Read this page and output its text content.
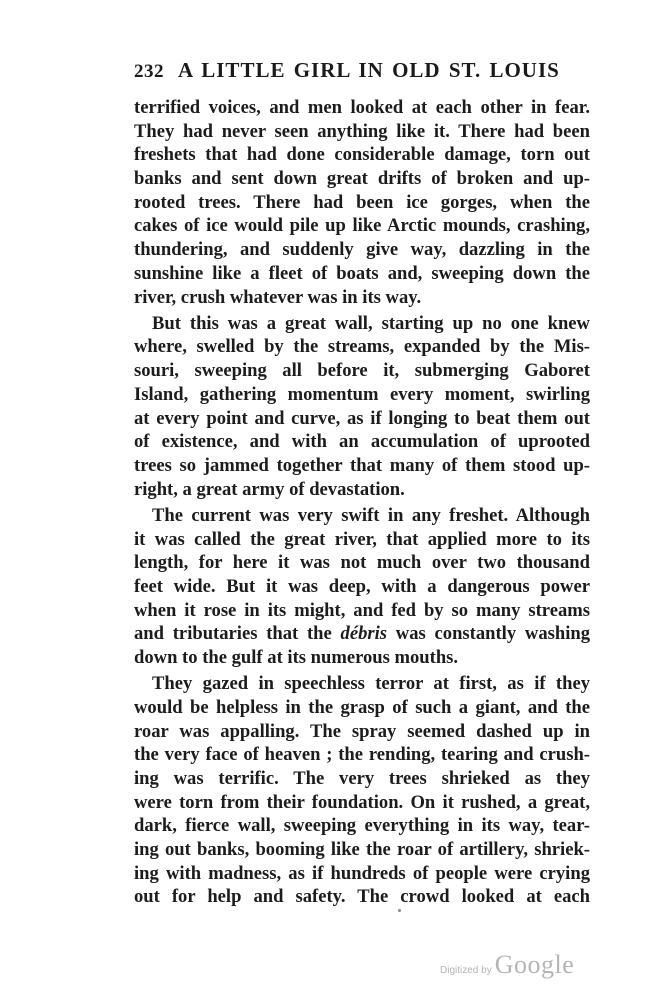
232 A LITTLE GIRL IN OLD ST. LOUIS
terrified voices, and men looked at each other in fear.
They had never seen anything like it. There had been
freshets that had done considerable damage, torn out
banks and sent down great drifts of broken and up-
rooted trees. There had been ice gorges, when the
cakes of ice would pile up like Arctic mounds, crashing,
thundering, and suddenly give way, dazzling in the
sunshine like a fleet of boats and, sweeping down the
river, crush whatever was in its way.
But this was a great wall, starting up no one knew
where, swelled by the streams, expanded by the Mis-
souri, sweeping all before it, submerging Gaboret
Island, gathering momentum every moment, swirling
at every point and curve, as if longing to beat them out
of existence, and with an accumulation of uprooted
trees so jammed together that many of them stood up-
right, a great army of devastation.
The current was very swift in any freshet. Although
it was called the great river, that applied more to its
length, for here it was not much over two thousand
feet wide. But it was deep, with a dangerous power
when it rose in its might, and fed by so many streams
and tributaries that the débris was constantly washing
down to the gulf at its numerous mouths.
They gazed in speechless terror at first, as if they
would be helpless in the grasp of such a giant, and the
roar was appalling. The spray seemed dashed up in
the very face of heaven ; the rending, tearing and crush-
ing was terrific. The very trees shrieked as they
were torn from their foundation. On it rushed, a great,
dark, fierce wall, sweeping everything in its way, tear-
ing out banks, booming like the roar of artillery, shriek-
ing with madness, as if hundreds of people were crying
out for help and safety. The crowd looked at each
Digitized by Google
